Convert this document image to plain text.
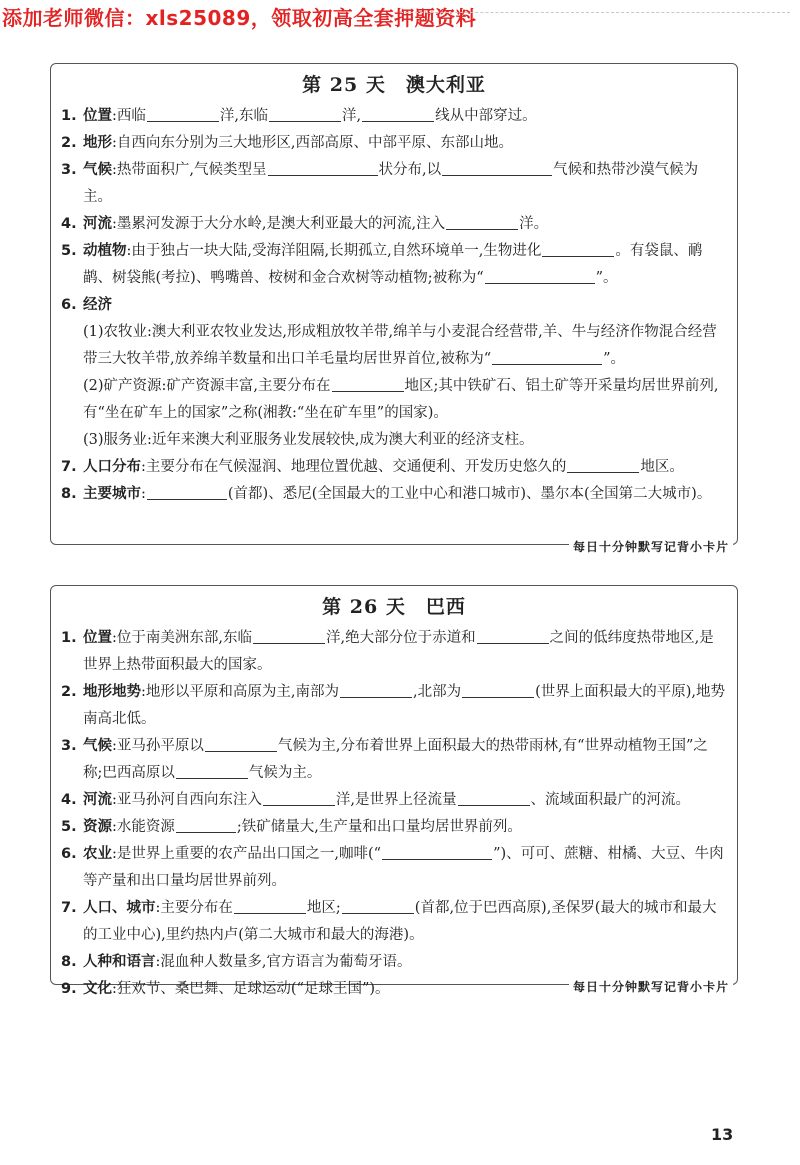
添加老师微信：xls25089，领取初高全套押题资料
第 25 天　澳大利亚
1. 位置:西临	洋,东临	洋,	线从中部穿过。
2. 地形:自西向东分别为三大地形区,西部高原、中部平原、东部山地。
3. 气候:热带面积广,气候类型呈	状分布,以	气候和热带沙漠气候为主。
4. 河流:墨累河发源于大分水岭,是澳大利亚最大的河流,注入	洋。
5. 动植物:由于独占一块大陆,受海洋阻隔,长期孤立,自然环境单一,生物进化	。有袋鼠、鸸鹋、树袋熊(考拉)、鸭嘴兽、桉树和金合欢树等动植物;被称为“	”。
6. 经济
(1)农牧业:澳大利亚农牧业发达,形成粗放牧羊带,绵羊与小麦混合经营带,羊、牛与经济作物混合经营带三大牧羊带,放养绵羊数量和出口羊毛量均居世界首位,被称为“	”。
(2)矿产资源:矿产资源丰富,主要分布在	地区;其中铁矿石、铝土矿等开采量均居世界前列,有“坐在矿车上的国家”之称(湘教:“坐在矿车里”的国家)。
(3)服务业:近年来澳大利亚服务业发展较快,成为澳大利亚的经济支柱。
7. 人口分布:主要分布在气候湿润、地理位置优越、交通便利、开发历史悠久的	地区。
8. 主要城市:	(首都)、悉尼(全国最大的工业中心和港口城市)、墨尔本(全国第二大城市)。
每日十分钟默写记背小卡片
第 26 天　巴西
1. 位置:位于南美洲东部,东临	洋,绝大部分位于赤道和	之间的低纬度热带地区,是世界上热带面积最大的国家。
2. 地形地势:地形以平原和高原为主,南部为	,北部为	(世界上面积最大的平原),地势南高北低。
3. 气候:亚马孙平原以	气候为主,分布着世界上面积最大的热带雨林,有“世界动植物王国”之称;巴西高原以	气候为主。
4. 河流:亚马孙河自西向东注入	洋,是世界上径流量	、流域面积最广的河流。
5. 资源:水能资源	;铁矿储量大,生产量和出口量均居世界前列。
6. 农业:是世界上重要的农产品出口国之一,咖啡(“	”)、可可、蔗糖、柑橘、大豆、牛肉等产量和出口量均居世界前列。
7. 人口、城市:主要分布在	地区;	(首都,位于巴西高原),圣保罗(最大的城市和最大的工业中心),里约热内卢(第二大城市和最大的海港)。
8. 人种和语言:混血种人数量多,官方语言为葡萄牙语。
9. 文化:狂欢节、桑巴舞、足球运动(“足球王国”)。	每日十分钟默写记背小卡片
13
